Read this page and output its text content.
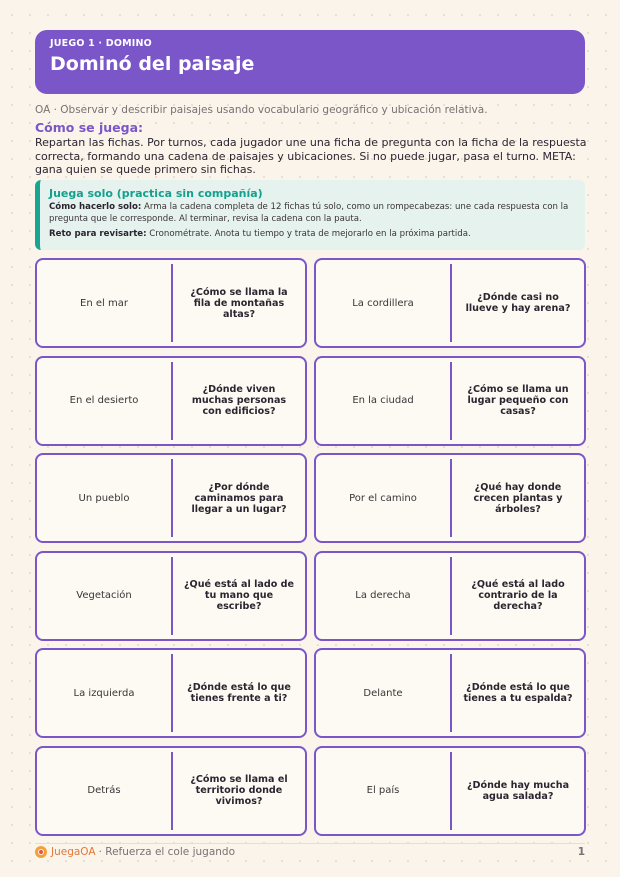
JUEGO 1 · DOMINO
Dominó del paisaje
OA · Observar y describir paisajes usando vocabulario geográfico y ubicación relativa.
Cómo se juega:
Repartan las fichas. Por turnos, cada jugador une una ficha de pregunta con la ficha de la respuesta correcta, formando una cadena de paisajes y ubicaciones. Si no puede jugar, pasa el turno. META: gana quien se quede primero sin fichas.
Juega solo (practica sin compañía)

Cómo hacerlo solo: Arma la cadena completa de 12 fichas tú solo, como un rompecabezas: une cada respuesta con la pregunta que le corresponde. Al terminar, revisa la cadena con la pauta.

Reto para revisarte: Cronométrate. Anota tu tiempo y trata de mejorarlo en la próxima partida.

En el mar
¿Cómo se llama la fila de montañas altas?
La cordillera	¿Dónde casi no llueve y hay arena?
En el desierto
¿Dónde viven muchas personas con edificios?
En la ciudad
¿Cómo se llama un lugar pequeño con casas?
Un pueblo
¿Por dónde caminamos para llegar a un lugar?
Por el camino
¿Qué hay donde crecen plantas y árboles?
Vegetación
¿Qué está al lado de tu mano que escribe?
La derecha
¿Qué está al lado contrario de la derecha?
La izquierda	¿Dónde está lo que tienes frente a ti?	Delante	¿Dónde está lo que tienes a tu espalda?
Detrás
¿Cómo se llama el territorio donde vivimos?
El país	¿Dónde hay mucha agua salada?
JuegaOA · Refuerza el cole jugando	1
